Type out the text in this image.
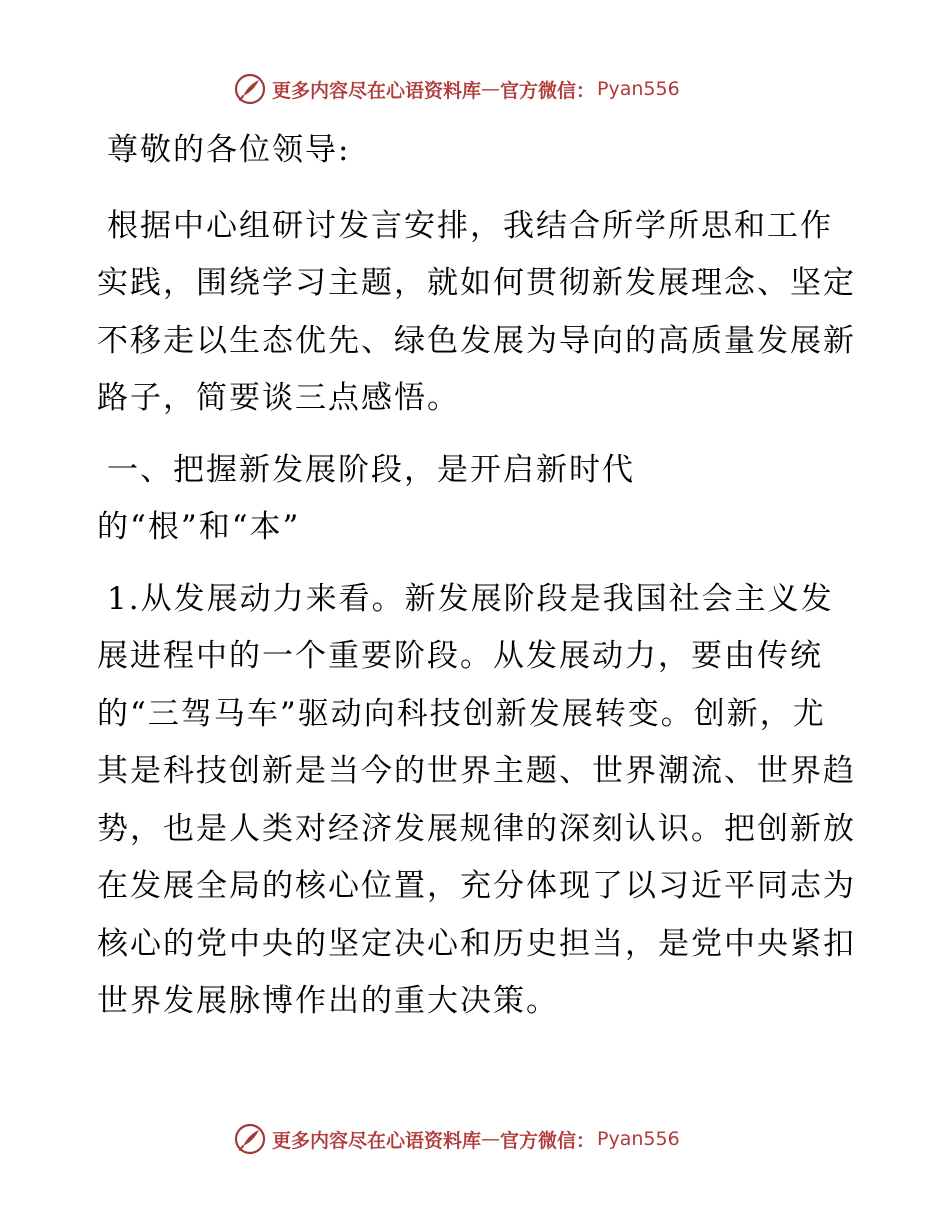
更多内容尽在心语资料库 — 官方微信： Pyan556

尊敬的各位领导:

根据中心组研讨发言安排，我结合所学所思和工作实践，围绕学习主题，就如何贯彻新发展理念、坚定不移走以生态优先、绿色发展为导向的高质量发展新路子，简要谈三点感悟。

一、把握新发展阶段，是开启新时代的“根”和“本”

1.从发展动力来看。新发展阶段是我国社会主义发展进程中的一个重要阶段。从发展动力，要由传统的“三驾马车”驱动向科技创新发展转变。创新，尤其是科技创新是当今的世界主题、世界潮流、世界趋势，也是人类对经济发展规律的深刻认识。把创新放在发展全局的核心位置，充分体现了以习近平同志为核心的党中央的坚定决心和历史担当，是党中央紧扣世界发展脉博作出的重大决策。

更多内容尽在心语资料库 — 官方微信： Pyan556
